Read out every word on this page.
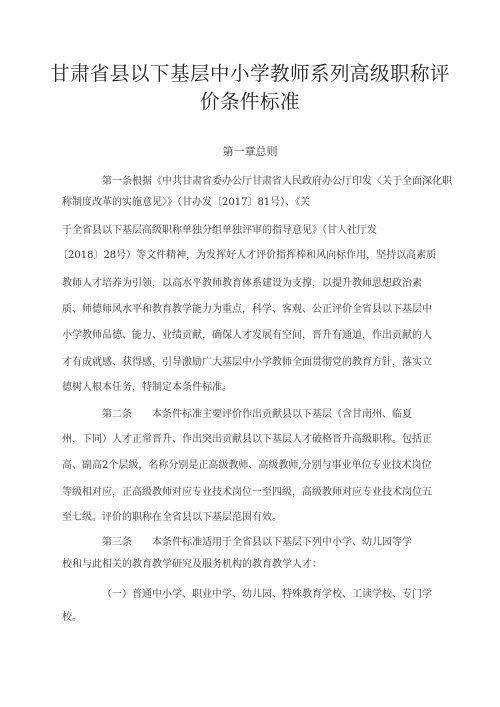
甘肃省县以下基层中小学教师系列高级职称评
价条件标准
第一章总则
第一条根据《中共甘肃省委办公厅甘肃省人民政府办公厅印发〈关于全面深化职
称制度改革的实施意见〉》（甘办发〔2017〕81号）、《关
于全省县以下基层高级职称单独分组单独评审的指导意见》（甘人社厅发
〔2018〕28号）等文件精神，为发挥好人才评价指挥棒和风向标作用，坚持以高素质
教师人才培养为引领，以高水平教师教育体系建设为支撑，以提升教师思想政治素
质、师德师风水平和教育教学能力为重点，科学、客观、公正评价全省县以下基层中
小学教师品德、能力、业绩贡献，确保人才发展有空间，晋升有通道，作出贡献的人
才有成就感、获得感，引导激励广大基层中小学教师全面贯彻党的教育方针，落实立
德树人根本任务，特制定本条件标准。
第二条　　本条件标准主要评价作出贡献县以下基层（含甘南州、临夏
州，下同）人才正常晋升、作出突出贡献县以下基层人才破格晋升高级职称。包括正
高、副高2个层级，名称分别是正高级教师、高级教师,分别与事业单位专业技术岗位
等级相对应，正高级教师对应专业技术岗位一至四级，高级教师对应专业技术岗位五
至七级。评价的职称在全省县以下基层范围有效。
第三条　　本条件标准适用于全省县以下基层下列中小学、幼儿园等学
校和与此相关的教育教学研究及服务机构的教育教学人才：
（一）普通中小学、职业中学、幼儿园、特殊教育学校、工读学校、专门学
校。
